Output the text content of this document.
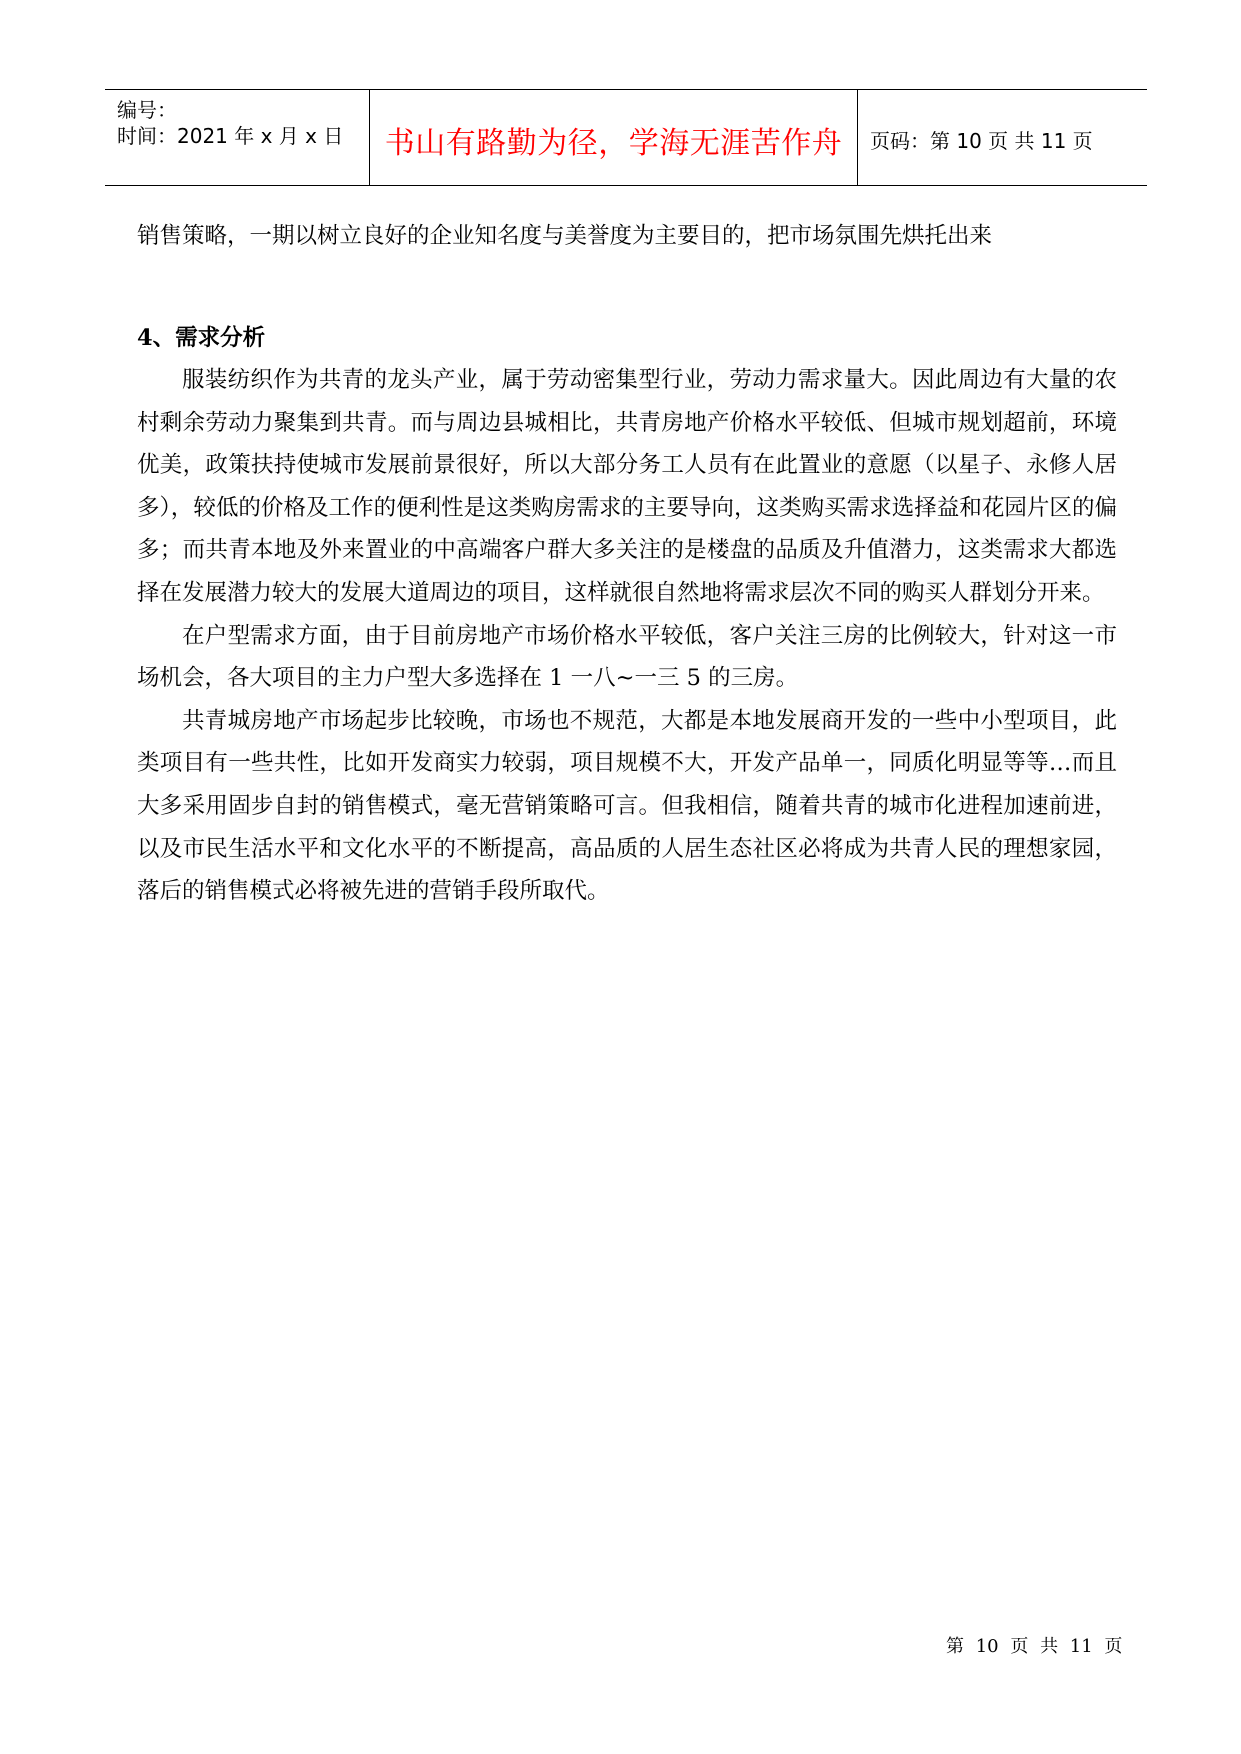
编号：
时间：2021 年 x 月 x 日	书山有路勤为径，学海无涯苦作舟	页码：第 10 页 共 11 页
销售策略，一期以树立良好的企业知名度与美誉度为主要目的，把市场氛围先烘托出来
4、需求分析

服装纺织作为共青的龙头产业，属于劳动密集型行业，劳动力需求量大。因此周边有大量的农村剩余劳动力聚集到共青。而与周边县城相比，共青房地产价格水平较低、但城市规划超前，环境优美，政策扶持使城市发展前景很好，所以大部分务工人员有在此置业的意愿（以星子、永修人居多），较低的价格及工作的便利性是这类购房需求的主要导向，这类购买需求选择益和花园片区的偏多；而共青本地及外来置业的中高端客户群大多关注的是楼盘的品质及升值潜力，这类需求大都选择在发展潜力较大的发展大道周边的项目，这样就很自然地将需求层次不同的购买人群划分开来。

在户型需求方面，由于目前房地产市场价格水平较低，客户关注三房的比例较大，针对这一市场机会，各大项目的主力户型大多选择在 1 一八~一三 5 的三房。

共青城房地产市场起步比较晚，市场也不规范，大都是本地发展商开发的一些中小型项目，此类项目有一些共性，比如开发商实力较弱，项目规模不大，开发产品单一，同质化明显等等…而且大多采用固步自封的销售模式，毫无营销策略可言。但我相信，随着共青的城市化进程加速前进，以及市民生活水平和文化水平的不断提高，高品质的人居生态社区必将成为共青人民的理想家园，落后的销售模式必将被先进的营销手段所取代。

第 10 页 共 11 页
